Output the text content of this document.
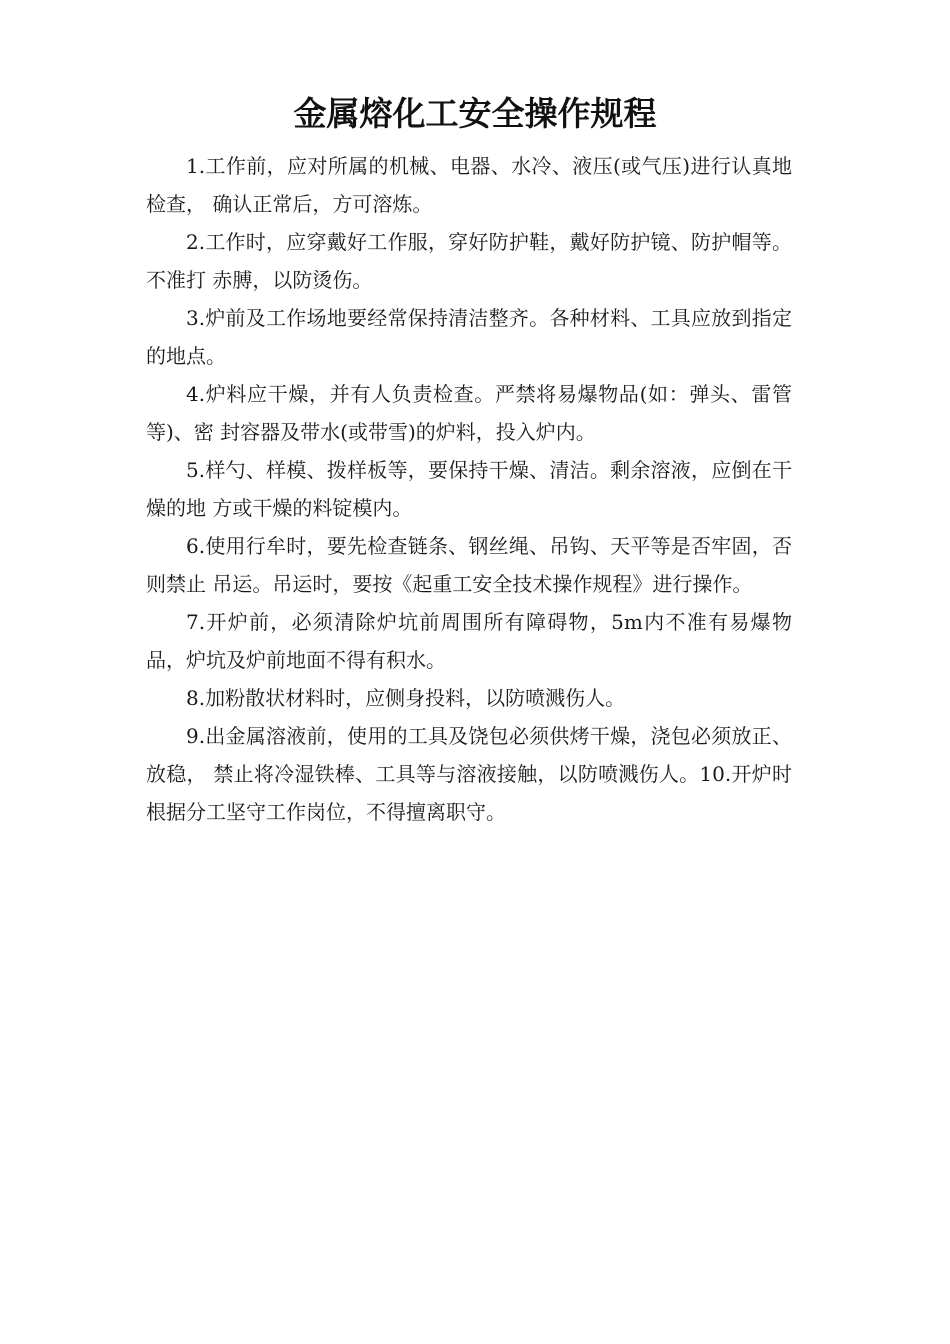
金属熔化工安全操作规程

1.工作前，应对所属的机械、电器、水冷、液压(或气压)进行认真地检查， 确认正常后，方可溶炼。

2.工作时，应穿戴好工作服，穿好防护鞋，戴好防护镜、防护帽等。不准打 赤膊，以防烫伤。

3.炉前及工作场地要经常保持清洁整齐。各种材料、工具应放到指定的地点。

4.炉料应干燥，并有人负责检查。严禁将易爆物品(如：弹头、雷管等)、密 封容器及带水(或带雪)的炉料，投入炉内。

5.样勺、样模、拨样板等，要保持干燥、清洁。剩余溶液，应倒在干燥的地 方或干燥的料锭模内。

6.使用行牟时，要先检查链条、钢丝绳、吊钩、天平等是否牢固，否则禁止 吊运。吊运时，要按《起重工安全技术操作规程》进行操作。

7.开炉前，必须清除炉坑前周围所有障碍物，5m内不准有易爆物品，炉坑及炉前地面不得有积水。

8.加粉散状材料时，应侧身投料，以防喷溅伤人。

9.出金属溶液前，使用的工具及饶包必须供烤干燥，浇包必须放正、放稳， 禁止将冷湿铁棒、工具等与溶液接触，以防喷溅伤人。10.开炉时根据分工坚守工作岗位，不得擅离职守。
